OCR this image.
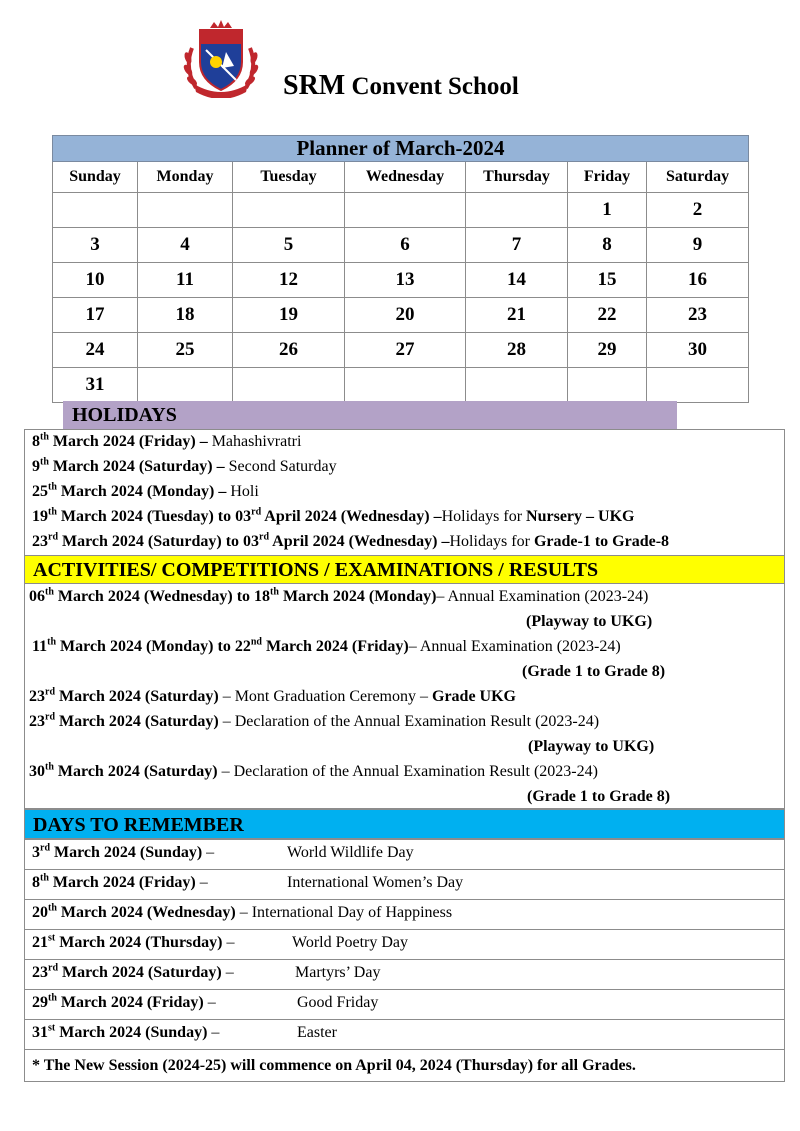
SRM Convent School
Planner of March-2024						
Sunday	Monday	Tuesday	Wednesday	Thursday	Friday	Saturday
					1	2
3	4	5	6	7	8	9
10	11	12	13	14	15	16
17	18	19	20	21	22	23
24	25	26	27	28	29	30
31						
HOLIDAYS
8th March 2024 (Friday) – Mahashivratri
9th March 2024 (Saturday) – Second Saturday
25th March 2024 (Monday) – Holi
19th March 2024 (Tuesday) to 03rd April 2024 (Wednesday) –Holidays for Nursery – UKG
23rd March 2024 (Saturday) to 03rd April 2024 (Wednesday) –Holidays for Grade-1 to Grade-8
ACTIVITIES/ COMPETITIONS / EXAMINATIONS / RESULTS
06th March 2024 (Wednesday) to 18th March 2024 (Monday)– Annual Examination (2023-24)
(Playway to UKG)
11th March 2024 (Monday) to 22nd March 2024 (Friday)– Annual Examination (2023-24)
(Grade 1 to Grade 8)
23rd March 2024 (Saturday) – Mont Graduation Ceremony – Grade UKG
23rd March 2024 (Saturday) – Declaration of the Annual Examination Result (2023-24)
(Playway to UKG)
30th March 2024 (Saturday) – Declaration of the Annual Examination Result (2023-24)
(Grade 1 to Grade 8)
DAYS TO REMEMBER
3rd March 2024 (Sunday) –	World Wildlife Day

8th March 2024 (Friday) –	International Women’s Day

20th March 2024 (Wednesday) – International Day of Happiness

21st March 2024 (Thursday) –	World Poetry Day

23rd March 2024 (Saturday) –	Martyrs’ Day

29th March 2024 (Friday) –	Good Friday

31st March 2024 (Sunday) –	Easter

* The New Session (2024-25) will commence on April 04, 2024 (Thursday) for all Grades.
